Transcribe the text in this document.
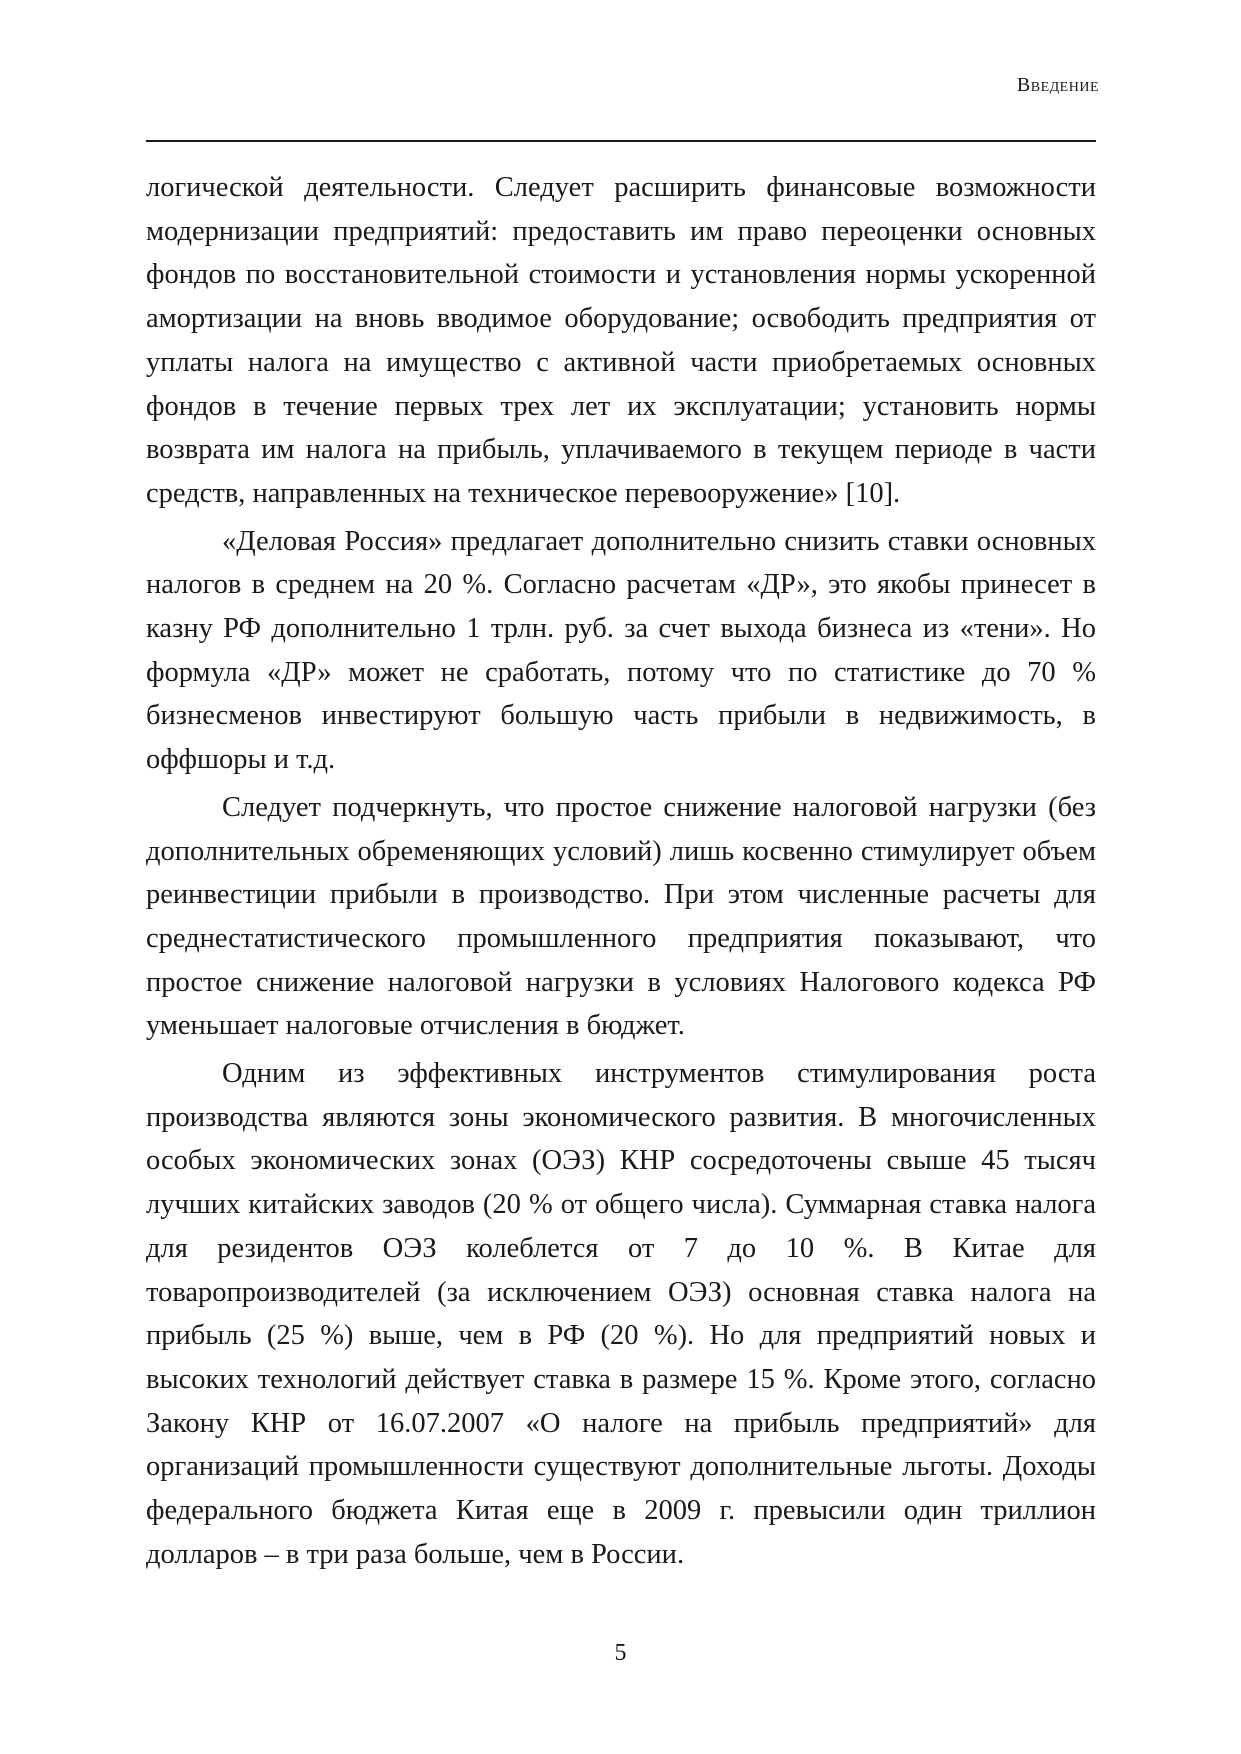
Введение

логической деятельности. Следует расширить финансовые возможности модернизации предприятий: предоставить им право переоценки основных фондов по восстановительной стоимости и установления нормы ускоренной амортизации на вновь вводимое оборудование; освободить предприятия от уплаты налога на имущество с активной части приобретаемых основных фондов в течение первых трех лет их эксплуатации; установить нормы возврата им налога на прибыль, уплачиваемого в текущем периоде в части средств, направленных на техническое перевооружение» [10].

«Деловая Россия» предлагает дополнительно снизить ставки основных налогов в среднем на 20 %. Согласно расчетам «ДР», это якобы принесет в казну РФ дополнительно 1 трлн. руб. за счет выхода бизнеса из «тени». Но формула «ДР» может не сработать, потому что по статистике до 70 % бизнесменов инвестируют большую часть прибыли в недвижимость, в оффшоры и т.д.

Следует подчеркнуть, что простое снижение налоговой нагрузки (без дополнительных обременяющих условий) лишь косвенно стимулирует объем реинвестиции прибыли в производство. При этом численные расчеты для среднестатистического промышленного предприятия показывают, что простое снижение налоговой нагрузки в условиях Налогового кодекса РФ уменьшает налоговые отчисления в бюджет.

Одним из эффективных инструментов стимулирования роста производства являются зоны экономического развития. В многочисленных особых экономических зонах (ОЭЗ) КНР сосредоточены свыше 45 тысяч лучших китайских заводов (20 % от общего числа). Суммарная ставка налога для резидентов ОЭЗ колеблется от 7 до 10 %. В Китае для товаропроизводителей (за исключением ОЭЗ) основная ставка налога на прибыль (25 %) выше, чем в РФ (20 %). Но для предприятий новых и высоких технологий действует ставка в размере 15 %. Кроме этого, согласно Закону КНР от 16.07.2007 «О налоге на прибыль предприятий» для организаций промышленности существуют дополнительные льготы. Доходы федерального бюджета Китая еще в 2009 г. превысили один триллион долларов – в три раза больше, чем в России.

5
